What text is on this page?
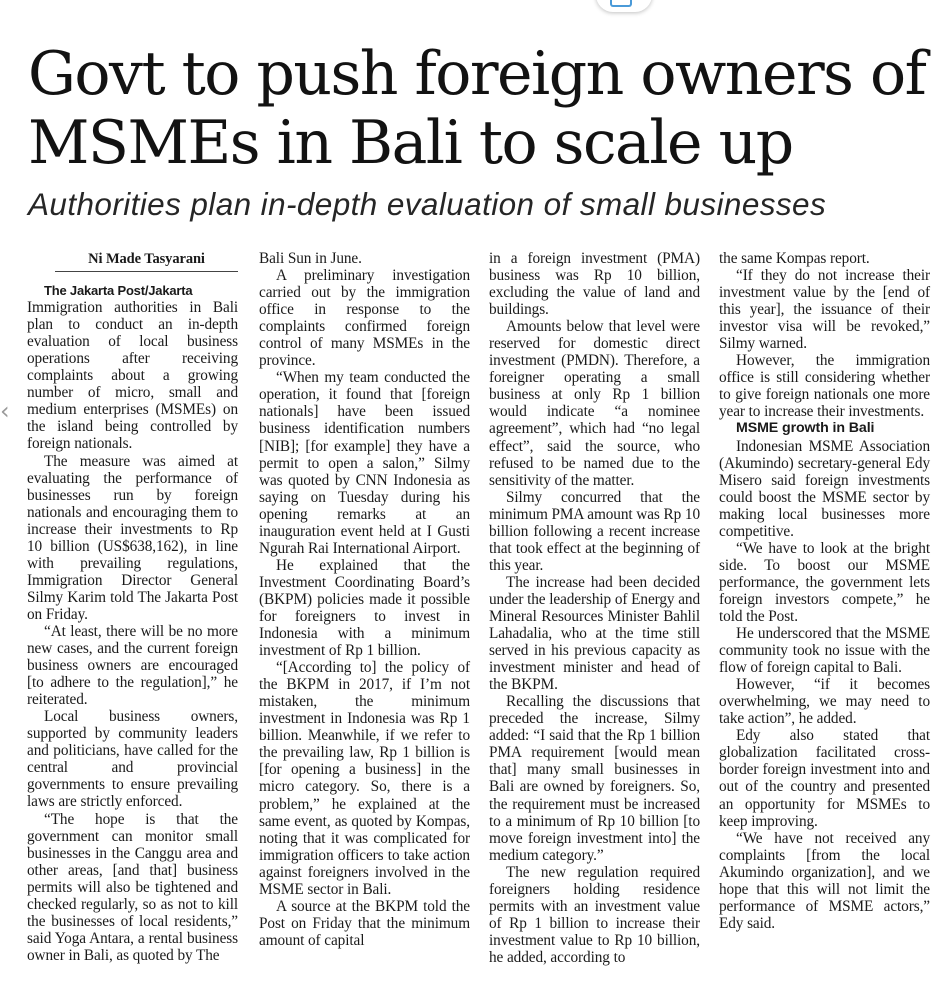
Govt to push foreign owners of MSMEs in Bali to scale up
Authorities plan in-depth evaluation of small businesses
‹
Ni Made Tasyarani

The Jakarta Post/Jakarta

Immigration authorities in Bali plan to conduct an in-depth evaluation of local business operations after receiving complaints about a growing number of micro, small and medium enterprises (MSMEs) on the island being controlled by foreign nationals.

The measure was aimed at evaluating the performance of businesses run by foreign nationals and encouraging them to increase their investments to Rp 10 billion (US$638,162), in line with prevailing regulations, Immigration Director General Silmy Karim told The Jakarta Post on Friday.

“At least, there will be no more new cases, and the current foreign business owners are encouraged [to adhere to the regulation],” he reiterated.

Local business owners, supported by community leaders and politicians, have called for the central and provincial governments to ensure prevailing laws are strictly enforced.

“The hope is that the government can monitor small businesses in the Canggu area and other areas, [and that] business permits will also be tightened and checked regularly, so as not to kill the businesses of local residents,” said Yoga Antara, a rental business owner in Bali, as quoted by The

Bali Sun in June.

A preliminary investigation carried out by the immigration office in response to the complaints confirmed foreign control of many MSMEs in the province.

“When my team conducted the operation, it found that [foreign nationals] have been issued business identification numbers [NIB]; [for example] they have a permit to open a salon,” Silmy was quoted by CNN Indonesia as saying on Tuesday during his opening remarks at an inauguration event held at I Gusti Ngurah Rai International Airport.

He explained that the Investment Coordinating Board’s (BKPM) policies made it possible for foreigners to invest in Indonesia with a minimum investment of Rp 1 billion.

“[According to] the policy of the BKPM in 2017, if I’m not mistaken, the minimum investment in Indonesia was Rp 1 billion. Meanwhile, if we refer to the prevailing law, Rp 1 billion is [for opening a business] in the micro category. So, there is a problem,” he explained at the same event, as quoted by Kompas, noting that it was complicated for immigration officers to take action against foreigners involved in the MSME sector in Bali.

A source at the BKPM told the Post on Friday that the minimum amount of capital

in a foreign investment (PMA) business was Rp 10 billion, excluding the value of land and buildings.

Amounts below that level were reserved for domestic direct investment (PMDN). Therefore, a foreigner operating a small business at only Rp 1 billion would indicate “a nominee agreement”, which had “no legal effect”, said the source, who refused to be named due to the sensitivity of the matter.

Silmy concurred that the minimum PMA amount was Rp 10 billion following a recent increase that took effect at the beginning of this year.

The increase had been decided under the leadership of Energy and Mineral Resources Minister Bahlil Lahadalia, who at the time still served in his previous capacity as investment minister and head of the BKPM.

Recalling the discussions that preceded the increase, Silmy added: “I said that the Rp 1 billion PMA requirement [would mean that] many small businesses in Bali are owned by foreigners. So, the requirement must be increased to a minimum of Rp 10 billion [to move foreign investment into] the medium category.”

The new regulation required foreigners holding residence permits with an investment value of Rp 1 billion to increase their investment value to Rp 10 billion, he added, according to

the same Kompas report.

“If they do not increase their investment value by the [end of this year], the issuance of their investor visa will be revoked,” Silmy warned.

However, the immigration office is still considering whether to give foreign nationals one more year to increase their investments.

MSME growth in Bali

Indonesian MSME Association (Akumindo) secretary-general Edy Misero said foreign investments could boost the MSME sector by making local businesses more competitive.

“We have to look at the bright side. To boost our MSME performance, the government lets foreign investors compete,” he told the Post.

He underscored that the MSME community took no issue with the flow of foreign capital to Bali.

However, “if it becomes overwhelming, we may need to take action”, he added.

Edy also stated that globalization facilitated cross-border foreign investment into and out of the country and presented an opportunity for MSMEs to keep improving.

“We have not received any complaints [from the local Akumindo organization], and we hope that this will not limit the performance of MSME actors,” Edy said.
